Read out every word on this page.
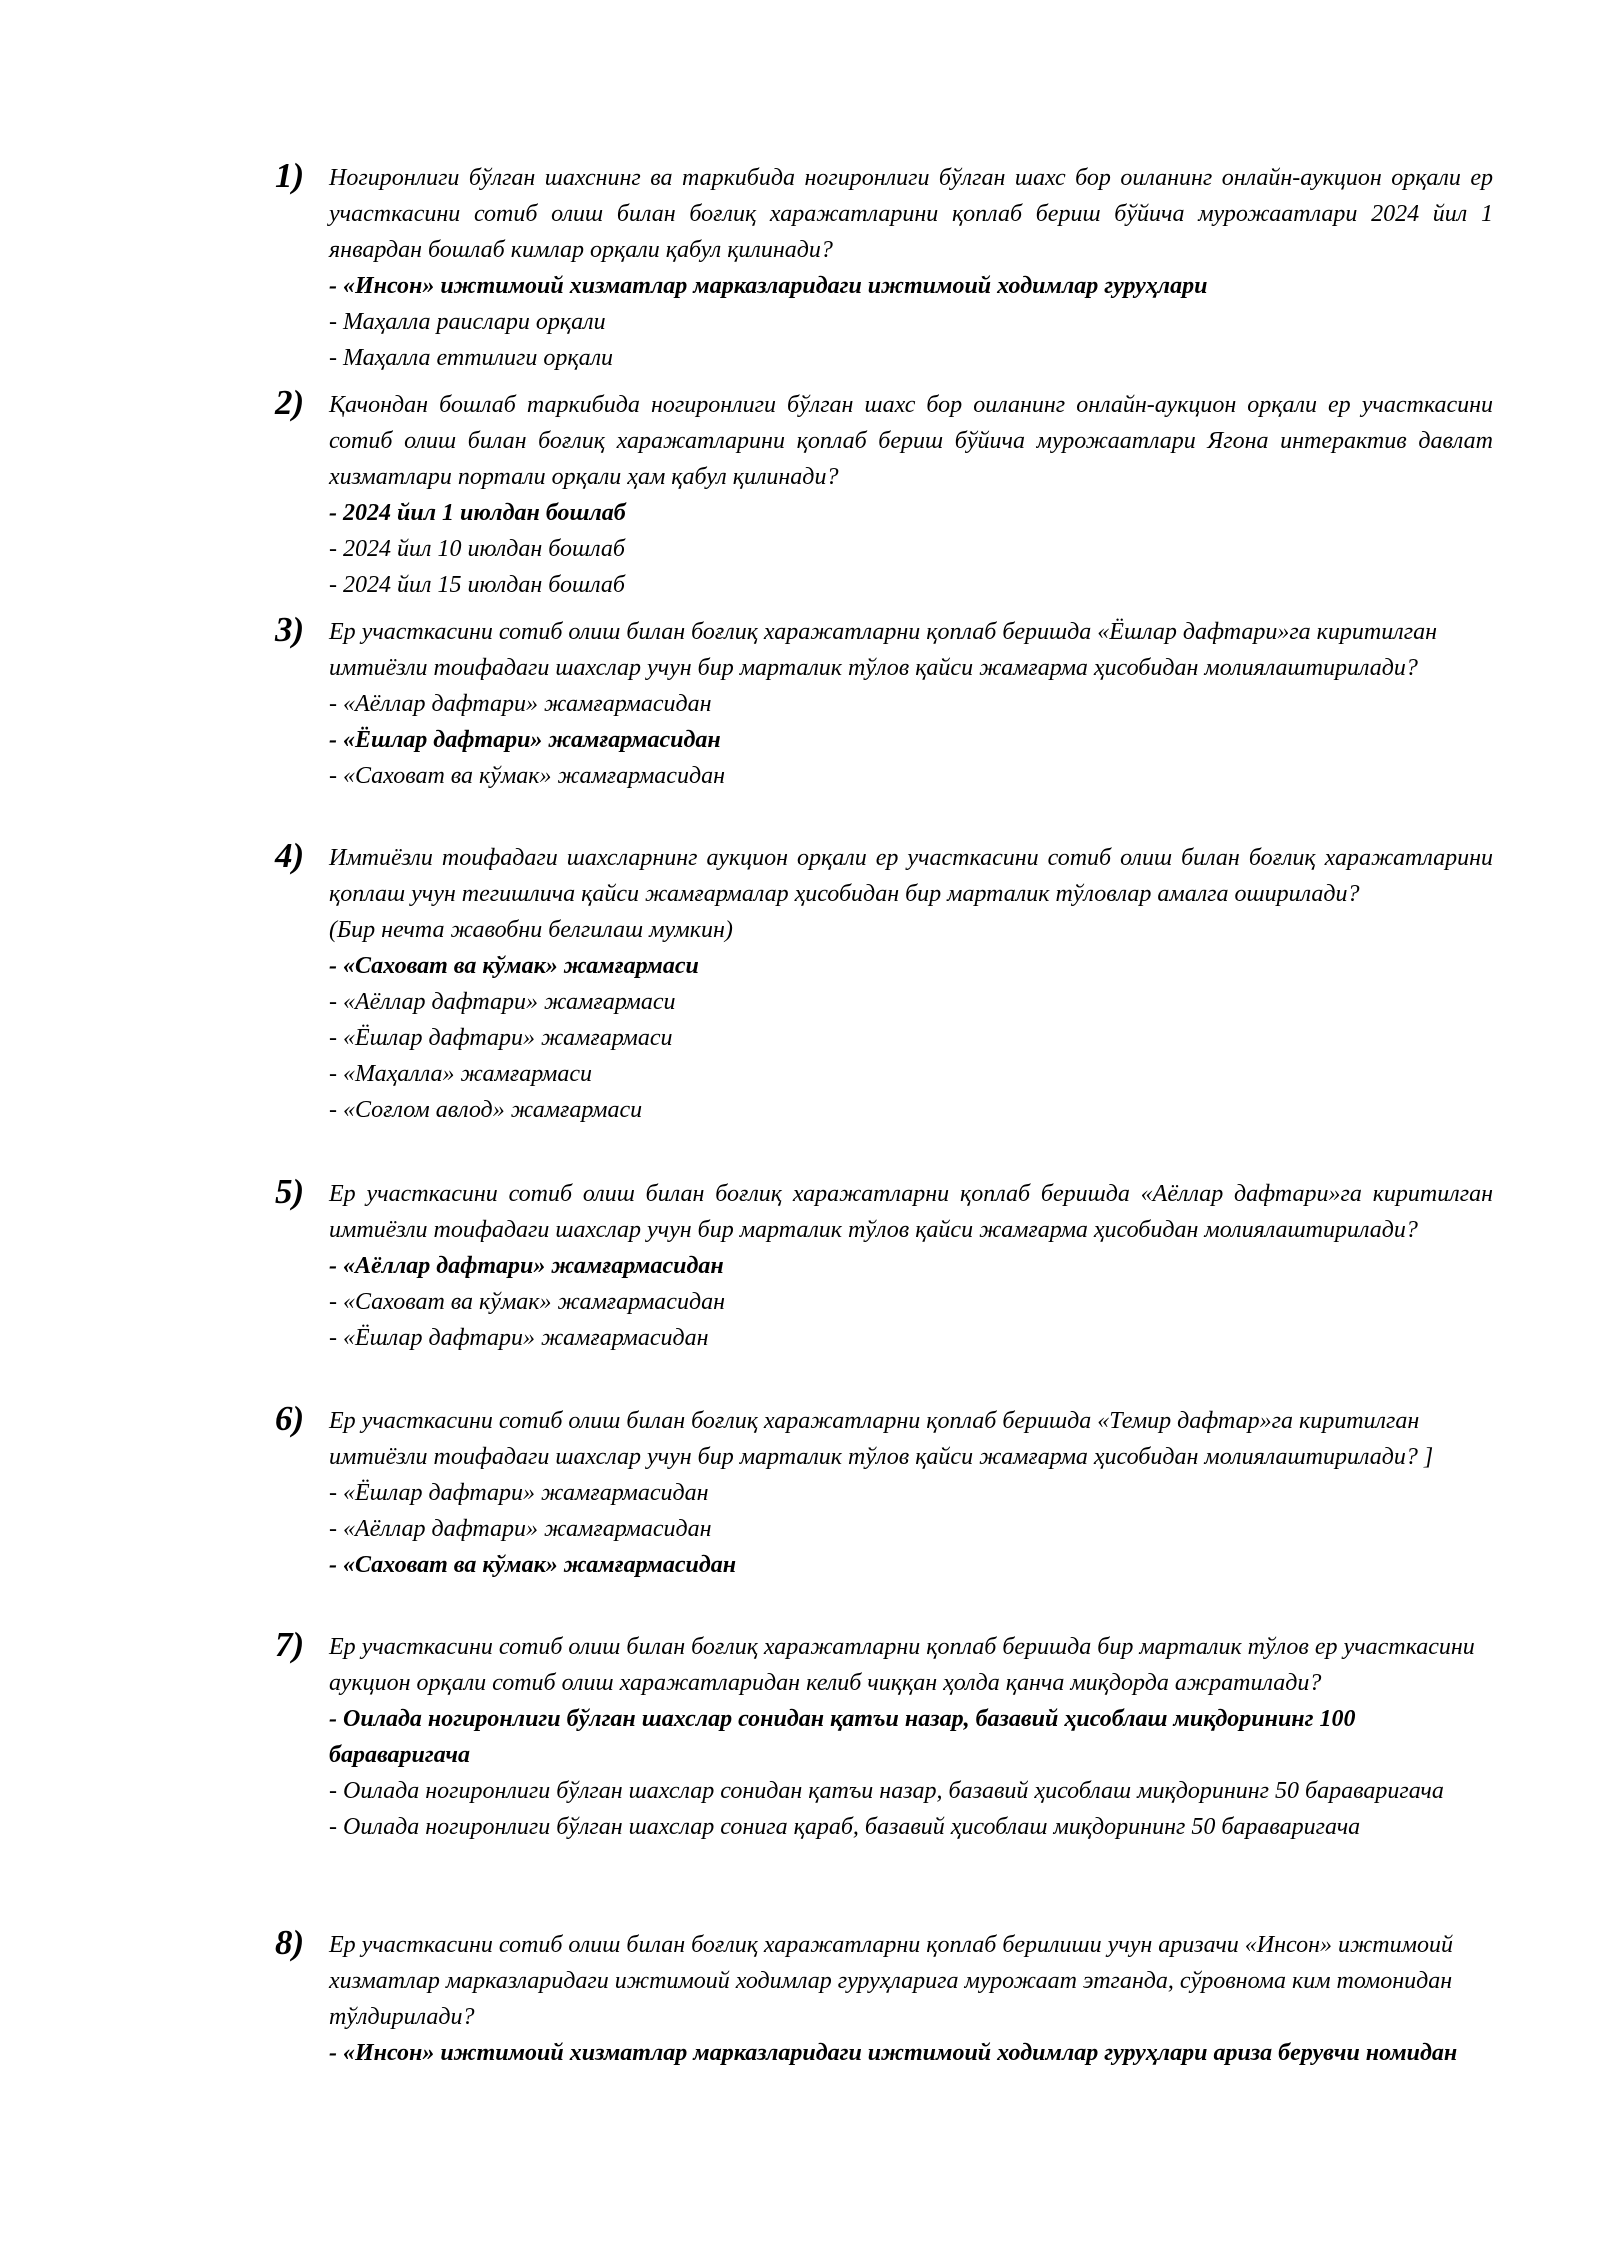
1) Ногиронлиги бўлган шахснинг ва таркибида ногиронлиги бўлган шахс бор оиланинг онлайн-аукцион орқали ер участкасини сотиб олиш билан боғлиқ харажатларини қоплаб бериш бўйича мурожаатлари 2024 йил 1 январдан бошлаб кимлар орқали қабул қилинади?
- «Инсон» ижтимоий хизматлар марказларидаги ижтимоий ходимлар гуруҳлари
- Маҳалла раислари орқали
- Маҳалла еттилиги орқали
2) Қачондан бошлаб таркибида ногиронлиги бўлган шахс бор оиланинг онлайн-аукцион орқали ер участкасини сотиб олиш билан боғлиқ харажатларини қоплаб бериш бўйича мурожаатлари Ягона интерактив давлат хизматлари портали орқали ҳам қабул қилинади?
- 2024 йил 1 июлдан бошлаб
- 2024 йил 10 июлдан бошлаб
- 2024 йил 15 июлдан бошлаб
3) Ер участкасини сотиб олиш билан боғлиқ харажатларни қоплаб беришда «Ёшлар дафтари»га киритилган имтиёзли тоифадаги шахслар учун бир марталик тўлов қайси жамғарма ҳисобидан молиялаштирилади?
- «Аёллар дафтари» жамғармасидан
- «Ёшлар дафтари» жамғармасидан
- «Саховат ва кўмак» жамғармасидан
4) Имтиёзли тоифадаги шахсларнинг аукцион орқали ер участкасини сотиб олиш билан боғлиқ харажатларини қоплаш учун тегишлича қайси жамғармалар ҳисобидан бир марталик тўловлар амалга оширилади?
(Бир нечта жавобни белгилаш мумкин)
- «Саховат ва кўмак» жамғармаси
- «Аёллар дафтари» жамғармаси
- «Ёшлар дафтари» жамғармаси
- «Маҳалла» жамғармаси
- «Соғлом авлод» жамғармаси
5) Ер участкасини сотиб олиш билан боғлиқ харажатларни қоплаб беришда «Аёллар дафтари»га киритилган имтиёзли тоифадаги шахслар учун бир марталик тўлов қайси жамғарма ҳисобидан молиялаштирилади?
- «Аёллар дафтари» жамғармасидан
- «Саховат ва кўмак» жамғармасидан
- «Ёшлар дафтари» жамғармасидан
6) Ер участкасини сотиб олиш билан боғлиқ харажатларни қоплаб беришда «Темир дафтар»га киритилган имтиёзли тоифадаги шахслар учун бир марталик тўлов қайси жамғарма ҳисобидан молиялаштирилади? ]
- «Ёшлар дафтари» жамғармасидан
- «Аёллар дафтари» жамғармасидан
- «Саховат ва кўмак» жамғармасидан
7) Ер участкасини сотиб олиш билан боғлиқ харажатларни қоплаб беришда бир марталик тўлов ер участкасини аукцион орқали сотиб олиш харажатларидан келиб чиққан ҳолда қанча миқдорда ажратилади?
- Оилада ногиронлиги бўлган шахслар сонидан қатъи назар, базавий ҳисоблаш миқдорининг 100 бараваригача
- Оилада ногиронлиги бўлган шахслар сонидан қатъи назар, базавий ҳисоблаш миқдорининг 50 бараваригача
- Оилада ногиронлиги бўлган шахслар сонига қараб, базавий ҳисоблаш миқдорининг 50 бараваригача
8) Ер участкасини сотиб олиш билан боғлиқ харажатларни қоплаб берилиши учун аризачи «Инсон» ижтимоий хизматлар марказларидаги ижтимоий ходимлар гуруҳларига мурожаат этганда, сўровнома ким томонидан тўлдирилади?
- «Инсон» ижтимоий хизматлар марказларидаги ижтимоий ходимлар гуруҳлари ариза берувчи номидан
